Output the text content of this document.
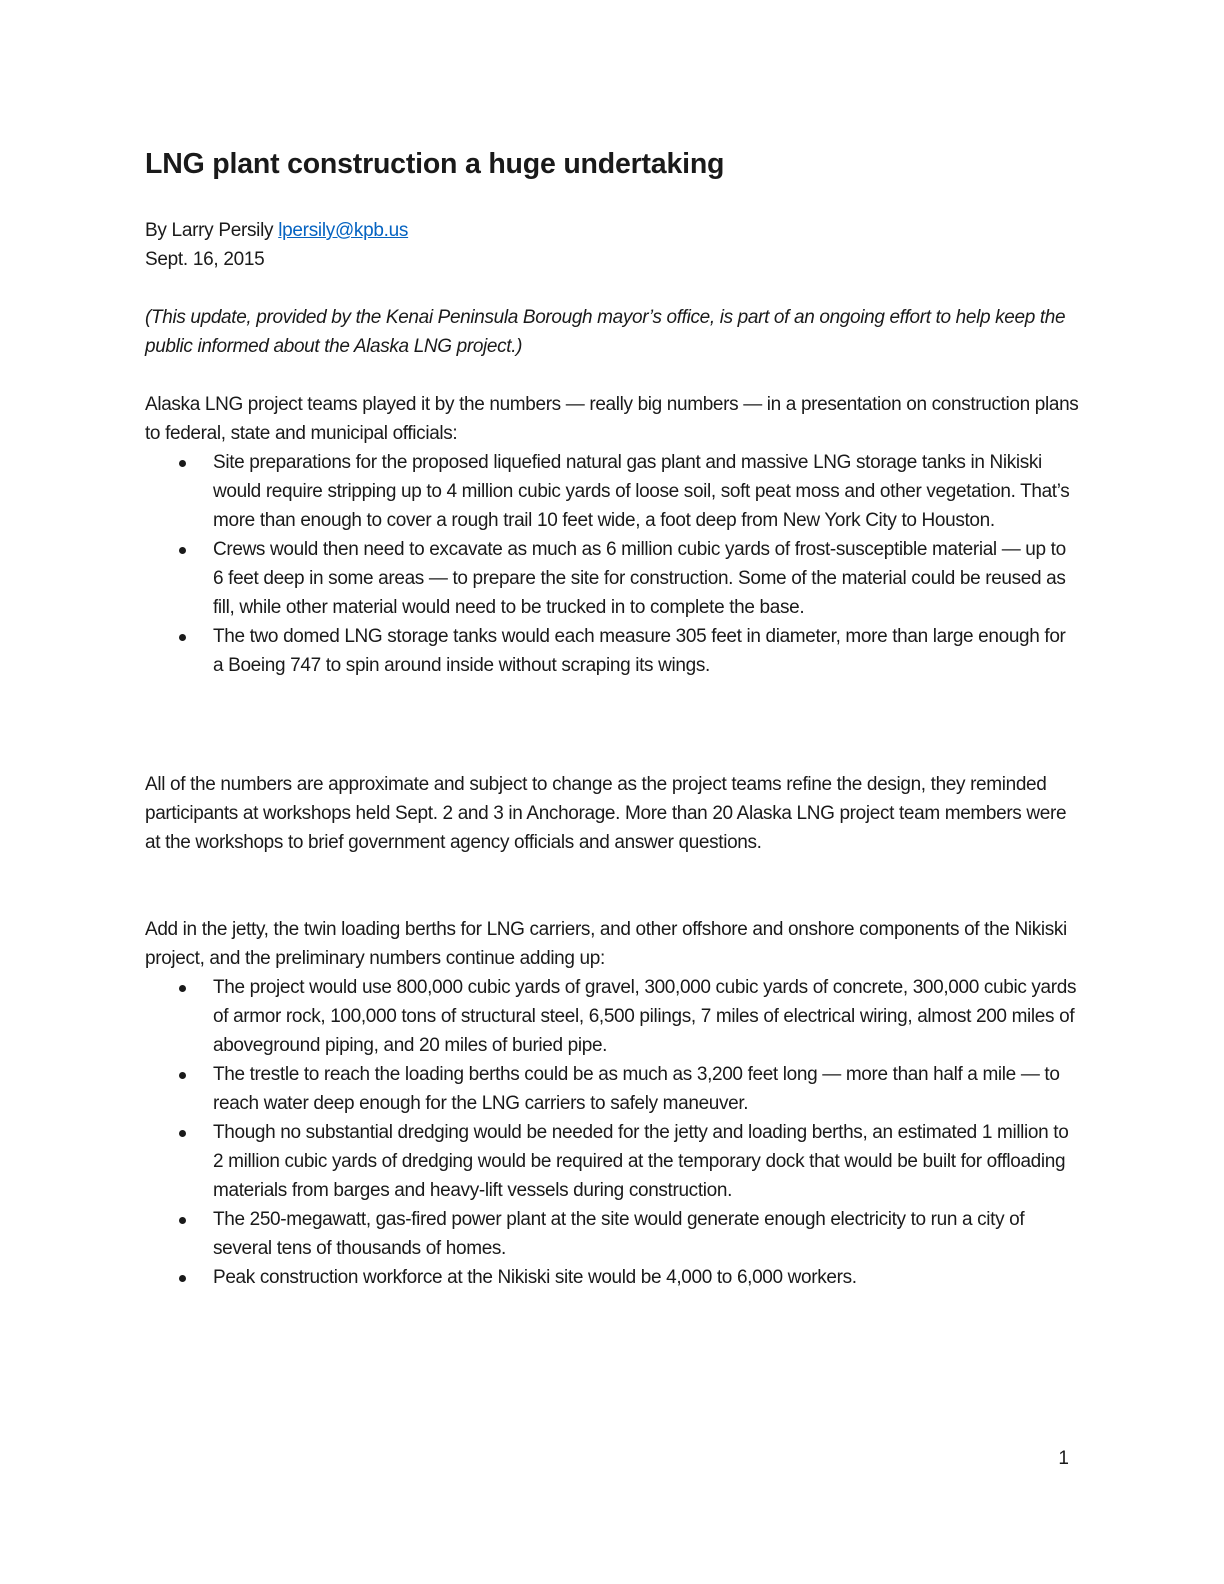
LNG plant construction a huge undertaking
By Larry Persily lpersily@kpb.us
Sept. 16, 2015

(This update, provided by the Kenai Peninsula Borough mayor’s office, is part of an ongoing effort to help keep the public informed about the Alaska LNG project.)

Alaska LNG project teams played it by the numbers — really big numbers — in a presentation on construction plans to federal, state and municipal officials:

Site preparations for the proposed liquefied natural gas plant and massive LNG storage tanks in Nikiski would require stripping up to 4 million cubic yards of loose soil, soft peat moss and other vegetation. That’s more than enough to cover a rough trail 10 feet wide, a foot deep from New York City to Houston.
Crews would then need to excavate as much as 6 million cubic yards of frost-susceptible material — up to 6 feet deep in some areas — to prepare the site for construction. Some of the material could be reused as fill, while other material would need to be trucked in to complete the base.
The two domed LNG storage tanks would each measure 305 feet in diameter, more than large enough for a Boeing 747 to spin around inside without scraping its wings.

All of the numbers are approximate and subject to change as the project teams refine the design, they reminded participants at workshops held Sept. 2 and 3 in Anchorage. More than 20 Alaska LNG project team members were at the workshops to brief government agency officials and answer questions.

Add in the jetty, the twin loading berths for LNG carriers, and other offshore and onshore components of the Nikiski project, and the preliminary numbers continue adding up:

The project would use 800,000 cubic yards of gravel, 300,000 cubic yards of concrete, 300,000 cubic yards of armor rock, 100,000 tons of structural steel, 6,500 pilings, 7 miles of electrical wiring, almost 200 miles of aboveground piping, and 20 miles of buried pipe.
The trestle to reach the loading berths could be as much as 3,200 feet long — more than half a mile — to reach water deep enough for the LNG carriers to safely maneuver.
Though no substantial dredging would be needed for the jetty and loading berths, an estimated 1 million to 2 million cubic yards of dredging would be required at the temporary dock that would be built for offloading materials from barges and heavy-lift vessels during construction.
The 250-megawatt, gas-fired power plant at the site would generate enough electricity to run a city of several tens of thousands of homes.
Peak construction workforce at the Nikiski site would be 4,000 to 6,000 workers.
1
